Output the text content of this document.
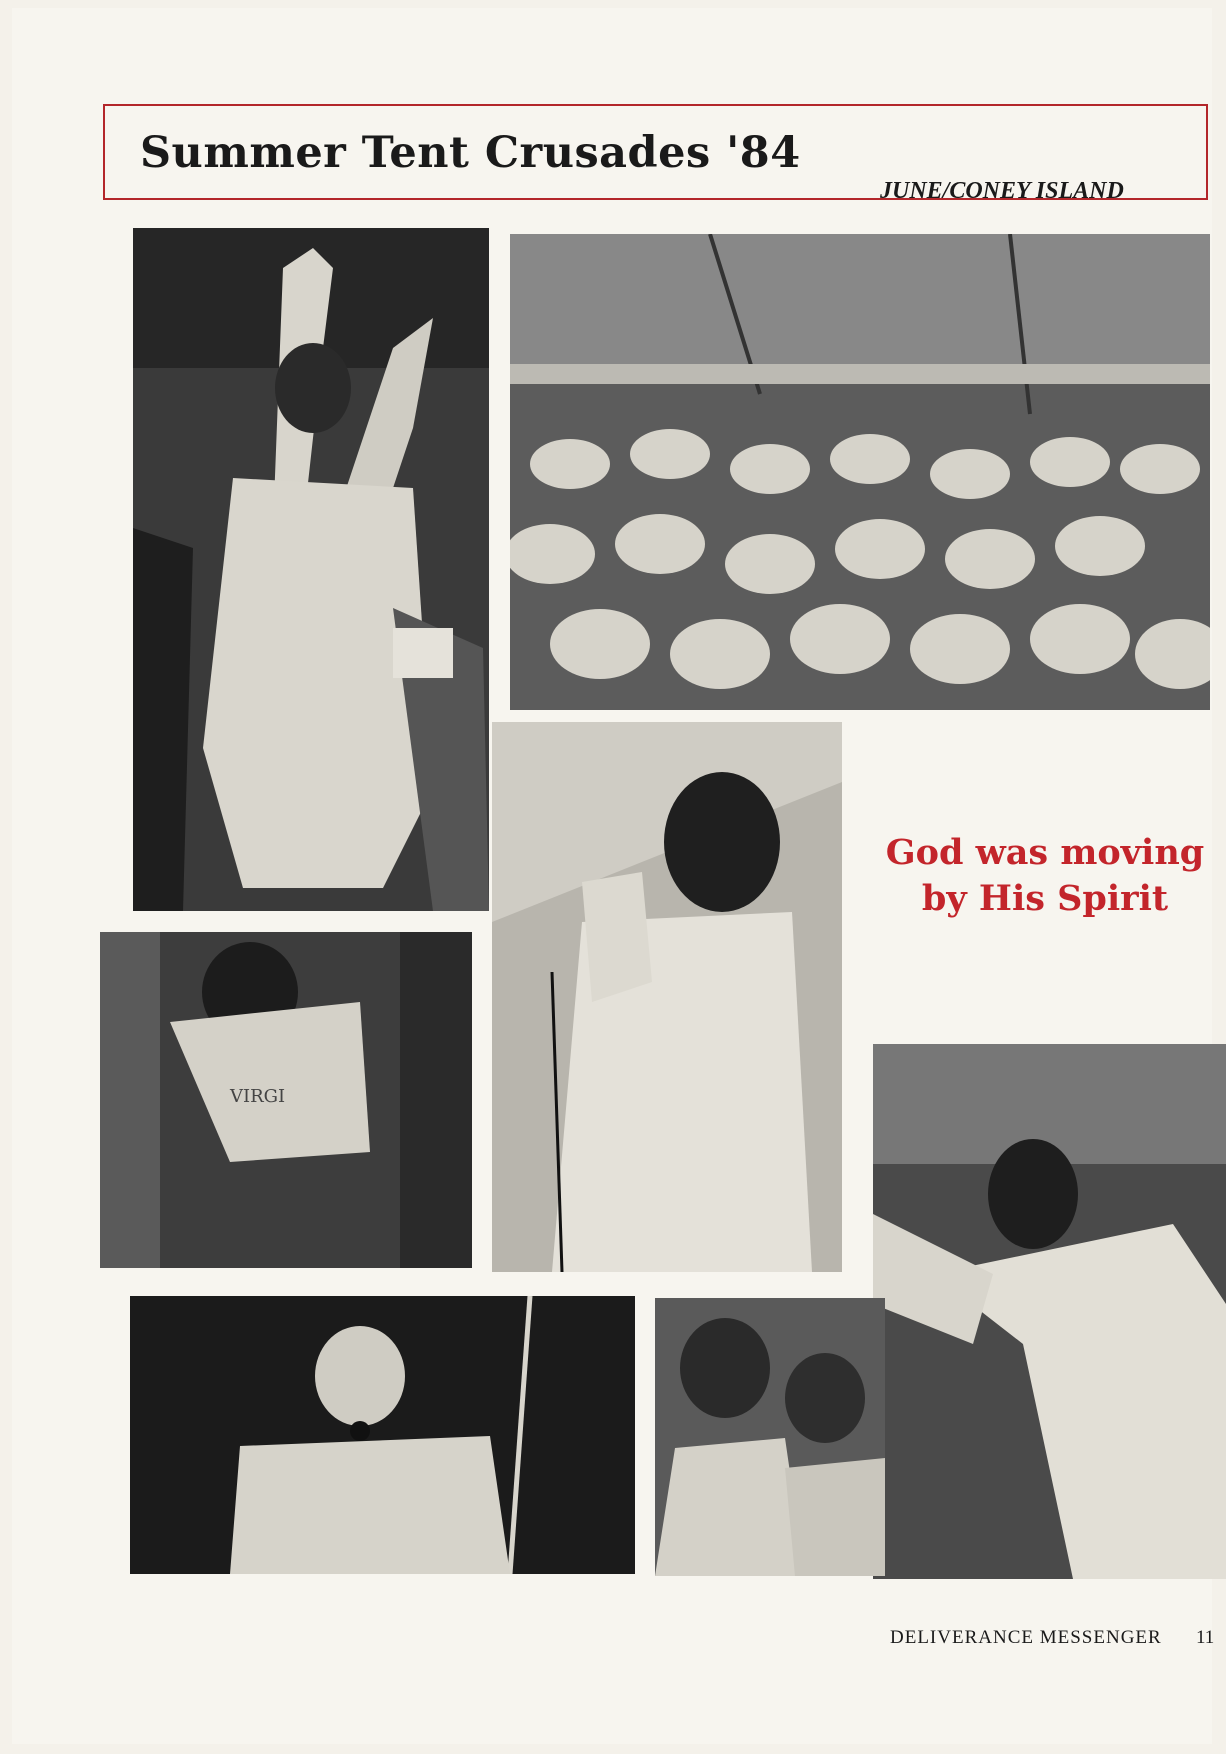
Summer Tent Crusades '84
JUNE/CONEY ISLAND
VIRGI
God was moving
by His Spirit
DELIVERANCE MESSENGER 11
